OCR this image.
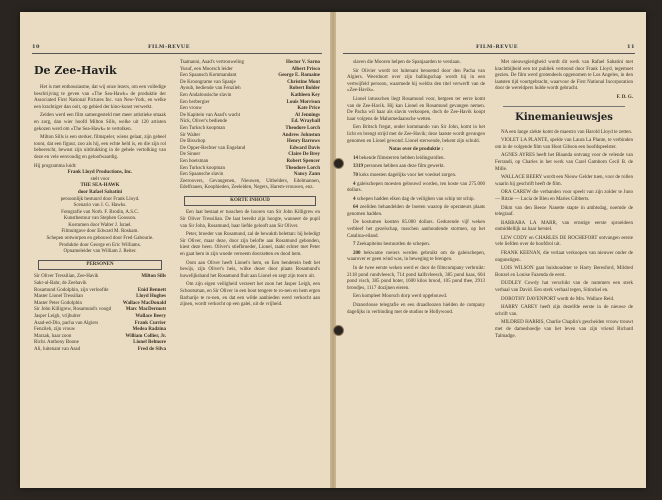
10	FILM-REVUE
De Zee-Havik

Het is met enthousiasme, dat wij onze lezers, om een volledige beschrijving te geven van »The Sea-Hawk« de produktie der Associated First National Pictures Inc. van New-York, en welke een krachtiger dan ooit, op gebied der kino-kunst verwerkt.

Zelden werd een film samengesteld met meer artistieke smaak en zorg, dan wier hoofd Milton Sills, welke uit 120 artisten gekozen werd om »The Sea-Hawk« te vertolken.

Milton Sills is een sterker, filmspeler, wiens gelaat, zijn geheel toont, dat een figuur, zoo als hij, een echte held is, en die zijn rol beheerscht, bewust zijn uitdrukking in de gehele vertolking van deze en vele eenvoudig en geloofwaardig.

Hij programma luidt:
Frank Lloyd Productions, Inc.
stelt voor
THE SEA-HAWK
door Rafael Sabatini
persoonlijk bestuurd door Frank Lloyd.
Scenario van J. G. Hawks.
Fotografie van Norb. F. Brodin, A.S.C.
Kunstbestuur van Stephen Goosson.
Kostumen door Walter J. Israel.
Filmuitgave door Edward M. Roskam.
Schepen ontworpen en gebouwd door Fred Gabourie.
Produktie door George en Eric Williams.
Opnameleider van William J. Reiter.
PERSONEN
Sir Oliver Tressilian, Zee-Havik	Milton Sills
Sakr-al-Bahr, de Zeehavik
Rosamund Godolphin, zijn verloofde	Enid Bennett
Master Lionel Tressilian	Lloyd Hughes
Master Peter Godolphin	Wallace MacDonald
Sir John Killigrew, Rosamund's voogd	Marc MacDermott
Jasper Leigh, vrijbuiter	Wallace Beery
Asad-ed-Din, pacha van Algiers	Frank Currier
Fenzileh, zijn vrouw	Medea Radzina
Marzak, haar zoon	William Collier, Jr.
Richt. Anthony Boone	Lionel Belmore
Ali, luitenant van Asad	Fred de Silva
Tsamanni, Asad's vertrouweling	Hector V. Sarno
Yusuf, een Moorsch leider	Albert Prisco
Een Spaansch Kommandant	George E. Romaine
De Kroongrame van Spanje	Christine Mont
Ayoub, bediende van Fenzileh	Robert Bolder
Een Andalousische slavin	Kathleen Key
Een herbergier	Louis Morrison
Een vrouw	Kate Price
De Kapitein van Asad's wacht	Al Jennings
Nick, Oliver's bediende	Ed. Wrayhall
Een Turksch koopman	Theodore Lorch
Sir Walter	Andrew Johnston
De Bisschop	Henry Barrows
De Opper-Rechter van Engeland	Edward Davis
De Sinner	Claire De Brey
Een boetsman	Robert Spencer
Een Turksch koopman	Theodore Lorch
Een Spaansche slavin	Nancy Zann
Zeeroovers, Gevangenen, Nieuwen, Uitbelders, Edelmannen, Edelfrauen, Koophieden, Zeeleiden, Negers, Harem-vrouwen, enz.
KORTE INHOUD

Een laat bestaat er tusschen de hooren van Sir John Killigrew en Sir Oliver Tressilian. De laat bereikt zijn hoogte, wanneer de pupil van Sir John, Rosamund, haar liefde gelooft aan Sir Oliver.

Peter, broeder van Rosamund, zal de bewakth belettan: hij beledigt Sir Oliver, maar deze, door zijn belofte aan Rosamund gebonden, kiest deze heen. Oliver's stiefbroeder, Lionel, raakt echter met Peter en gaat hem in zijn woede verneem doorzetten en dood hem.

Oom aan Oliver heeft Lionel's hem, en Een bendetein bedt het bewijs, zijn Oliver's heis, wilke dezer door plaats Rosamund's huwelijksband het Rosamund fluit aan Lionel en zegt zijn toorn uit.

Om zijn eigen veiligheid verzeert het zoon het Jasper Leigh, een Schootsman, en Sir Oliver in een boot tengere te ro-nen en hem ergen Barbarije te ro-nen, en dat een wilde aanbieden werd verkocht aan zijnen, wordt verkocht op een galei, uit de vrijheid.

FILM-REVUE	11

slaven die Mooren helpen de Spanjaarden te verslaan.

Sir Olivier wordt tot luitenant benoemd door den Pacha van Algiers. Weerdoort over zijn ballingschap wordt hij in een vertwijfeld persoon, waarmede hij weldra den titel verwerft van de »Zee-Havik«.

Lionel intusschen liegt Rosamund voor, hetgeen ter eerre komt van de Zee-Havik. Hij kan Lionel en Rosamund gevangen nemen. De Pacha wil haar als slavin verkoopen, doch de Zee-Havik koopt haar volgens de Mahomedaansche wetten.

Een Britsch fregat, onder kommando van Sir John, komt in het licht en brengt strijd met de Zee-Havik; deze laatste wordt gevangen genomen en Lionel gewond. Lionel sterwende, bekent zijn schuld.

Notas over de produktie :

14 bekende filmsterren hebben leidingsrollen.

3319 personen hebben aan deze film gewerkt.

70 koks moesten dagelijks voor het voedsel zorgen.

4 galeischepen moesten gebouwd worden, ten koste van 275.000 dollars.

4 schepen hadden elken dag de veilighen van schip tot schip.

64 zeeliden behandelden de boeten waarop de operateurs plaats genomen hadden.

De kostumen kostten 85.000 dollars. Gedurende vijf weken verbleef het gezelschap, tusschen aanhoudende stormen, op het Catalina-eiland.

7 Zeekapiteins bestuurden de schepen.

200 bekwame roeiers werden gebruikt om de galeischepen, waarover er geen wind was, in beweging te brengen.

In de twee eerste weken werd er door de filmcompany verbruikt: 2118 pond rundvleesch, 714 pond kalfsvleesch, 385 pond kaas, 604 pond visch, 385 pond boter, 1600 kilos brood, 105 pond thee, 2913 broodjes, 1117 dozijnen eieren.

Een kompleet Moorsch dorp werd opgebouwd.

Dranorlouse telegrafie en eeu draadloozen hielden de company dagelijks in verbinding met de studios te Hollywood.

Met nieuwsgierigheid wordt dit werk van Rafael Sabatini met krachtbijbeid een tot publiek vertoond door Frank Lloyd, tegemoet gezien. De film werd grotendeels opgenomen te Los Angeles, in den laatsten tijd voortgebracht, waarvoor de First National Incorporation door de wereldpers hulde wordt gebracht.

F. D. G.
Kinemanieuwsjes

NA een lange ziekte komt de maestro van Harold Lloyd te zetten.

VIOLET LA PLANTE, spelde van Laura La Plante, te verbinden om in de volgende film van Hoot Gibson een hoofdspeelster.

AGNES AYRES heeft het Blaanda ontvang voor de velende van Ferrandi, op Charles in het werk van Carel Gamborn Cecil B. de Mille.

WALLACE BEERY wordt een Nieuw Gelder tuen, voor de rollen waarin hij geschrift heeft de film.

ORA CAREW die verbanden voor speelt van zijn zolder te Juno — Ritzie — Lucia de Bleu en Maries Gibberts.

Dikm van den Beeze Nanette stapte in ambtsdag, noemde de telegraaf.

BARBARA LA MARR, van ernstige eerste sproeideen onmiddellijk na haar herstel.

LEW CODY en CHARLES DE ROCHEFORT ontvangen eerste vele liefden over de hoofdrol uit.

FRANK KEENAN, die verlaat verkoopen van nieuwer onder de ongunstigen.

LOIS WILSON gaat huishoudster te Harry Beresford, Mildred Bonzel en Louise Fazenda de eerst.

DUDLEY Cowdy hat verschikt van de nummers een sterk verhaal van David. Een sterk verhaal tegen, Sitinckel en.

DOROTHY DAVENPORT wordt de Mrs. Wallace Reid.

HARRY CAREY heeft zijn dezelfde eerste in de nieuwe de schrift van.

MILDRED HARRIS, Charlie Chaplin's gescheiden vrouw trouwt met de dameshoedje van het leven van zijn vriend Richard Talmadge.
